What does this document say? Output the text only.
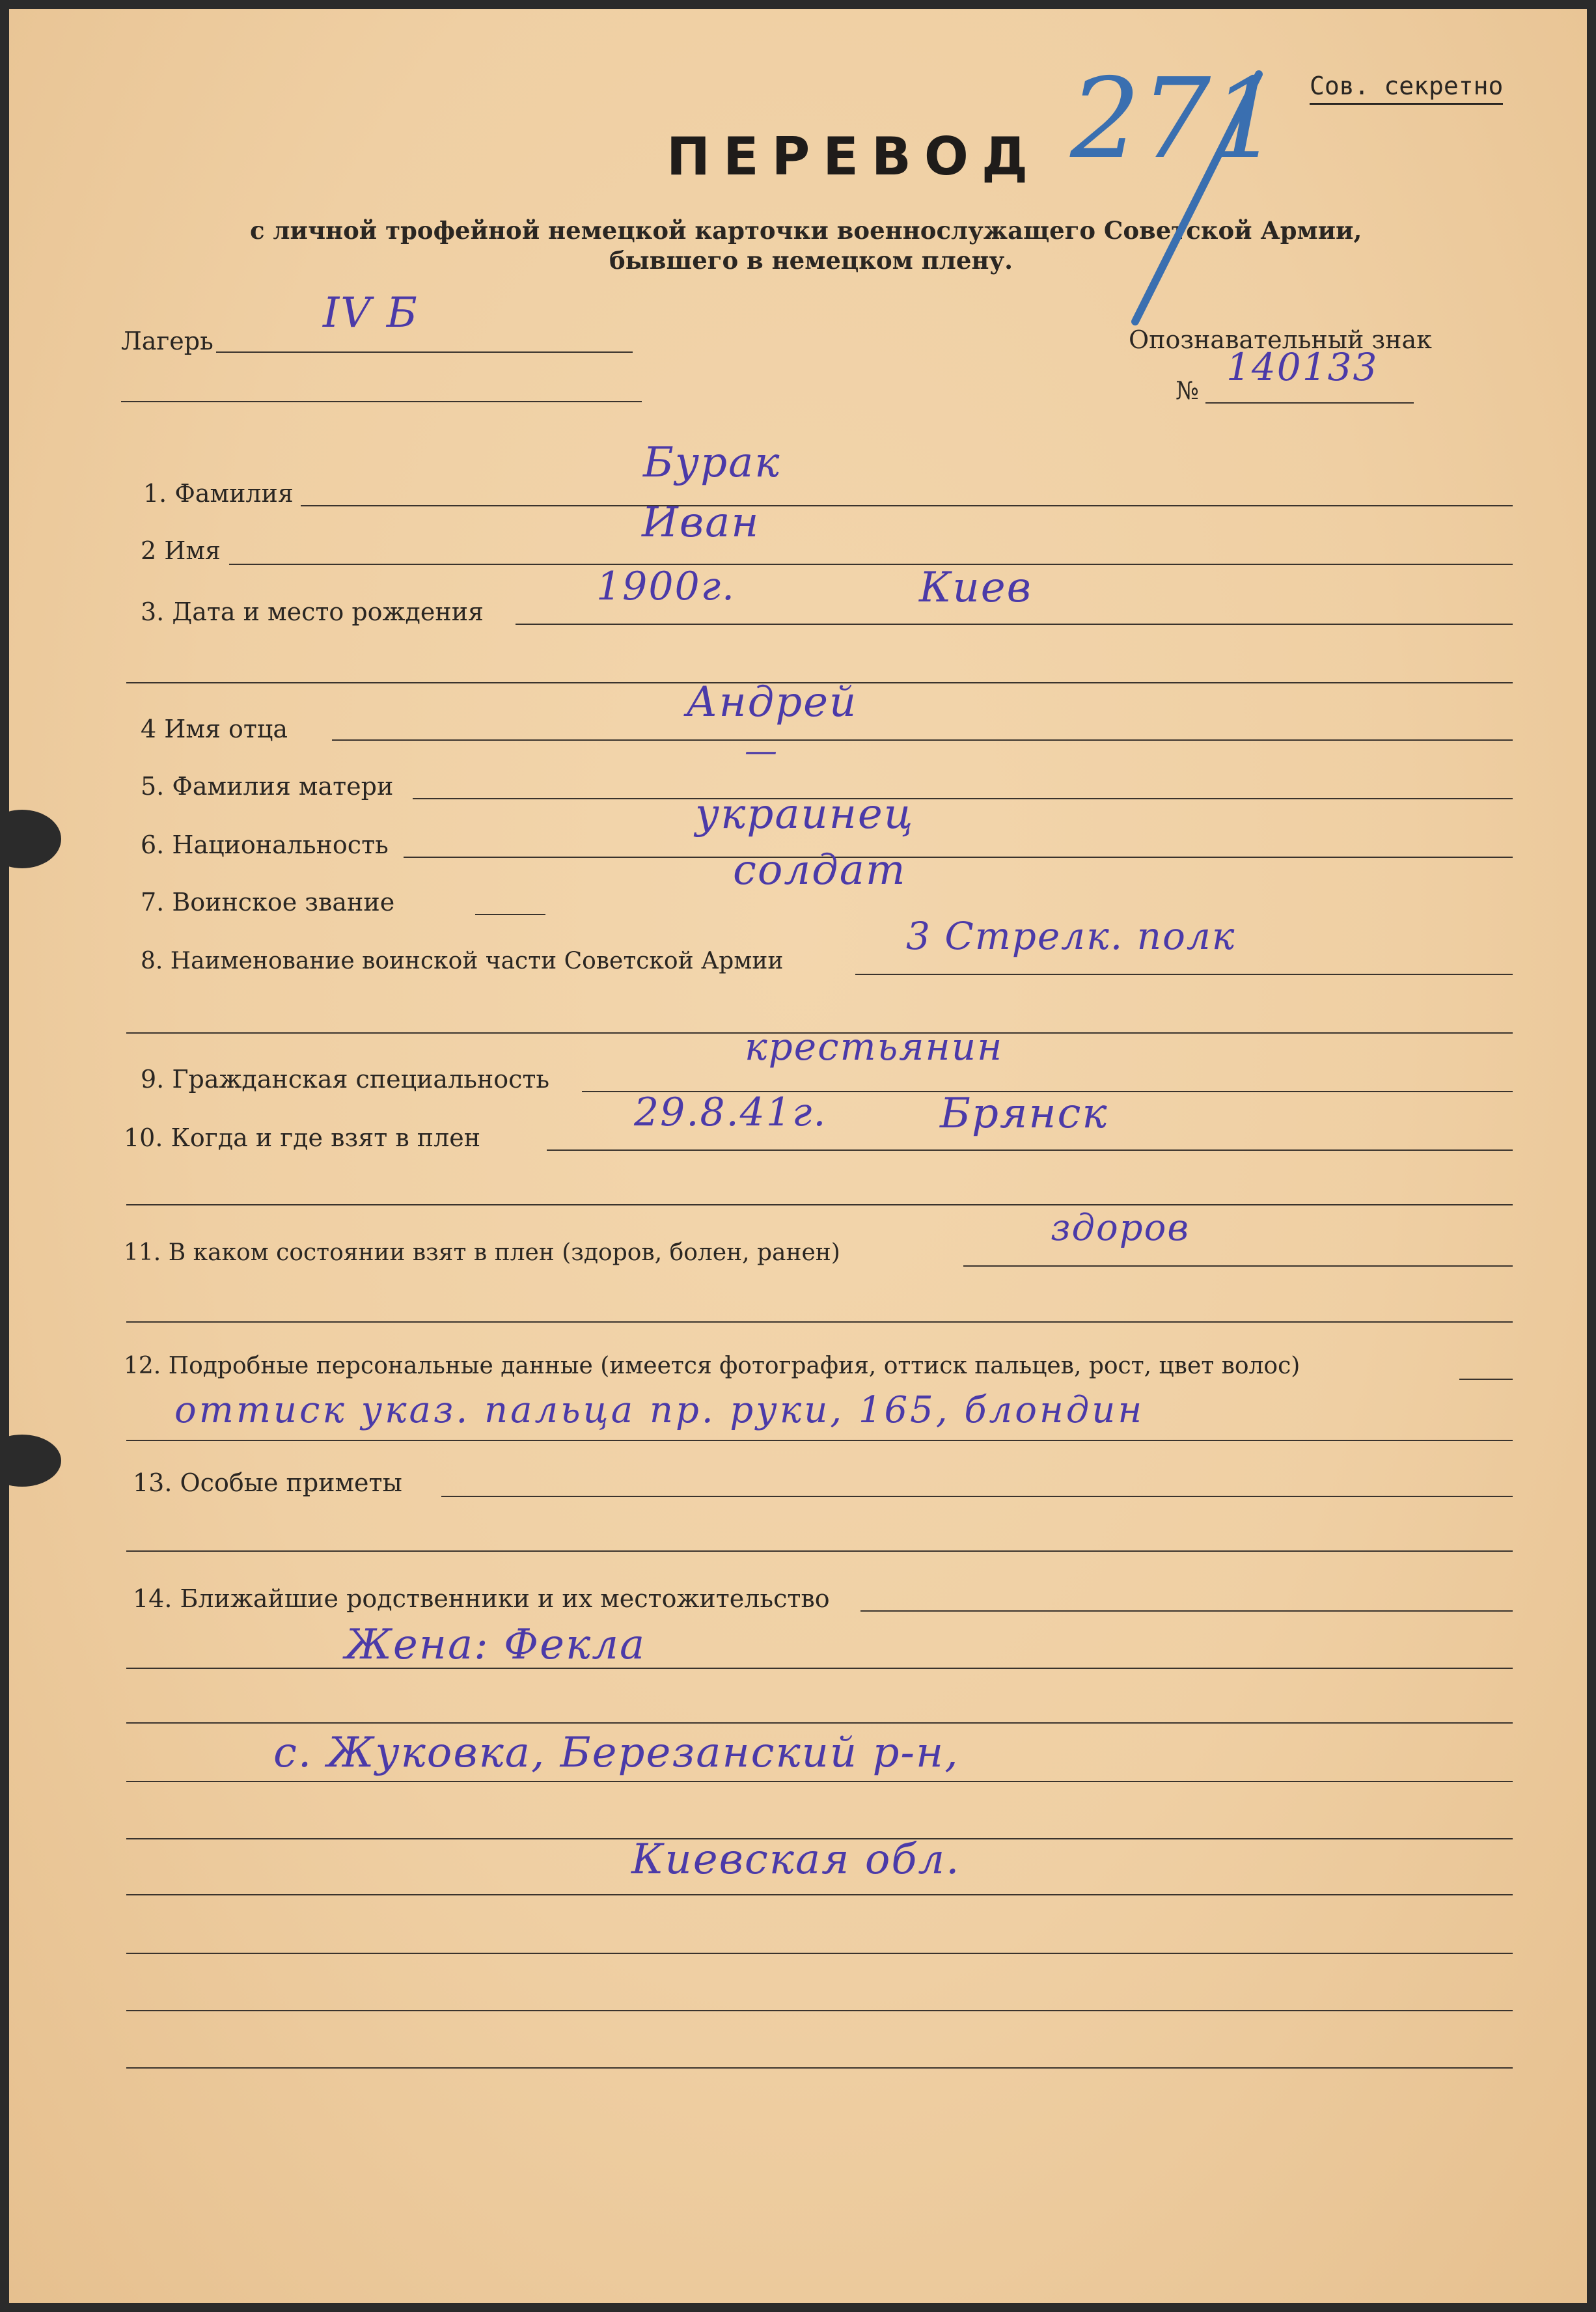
Сов. секретно
ПЕРЕВОД
с личной трофейной немецкой карточки военнослужащего Советской Армии,
бывшего в немецком плену.
271
Лагерь
IV Б
Опознавательный знак
№
140133
1. Фамилия
Бурак
2 Имя
Иван
3. Дата и место рождения
1900г.	Киев
4 Имя отца
Андрей
5. Фамилия матери
—
6. Национальность
украинец
7. Воинское звание
солдат
8. Наименование воинской части Советской Армии
3 Стрелк. полк
9. Гражданская специальность
крестьянин
10. Когда и где взят в плен
29.8.41г.	Брянск
11. В каком состоянии взят в плен (здоров, болен, ранен)
здоров
12. Подробные персональные данные (имеется фотография, оттиск пальцев, рост, цвет волос)
оттиск указ. пальца пр. руки, 165, блондин
13. Особые приметы
14. Ближайшие родственники и их местожительство
Жена: Фекла
с. Жуковка, Березанский р-н,
Киевская обл.
